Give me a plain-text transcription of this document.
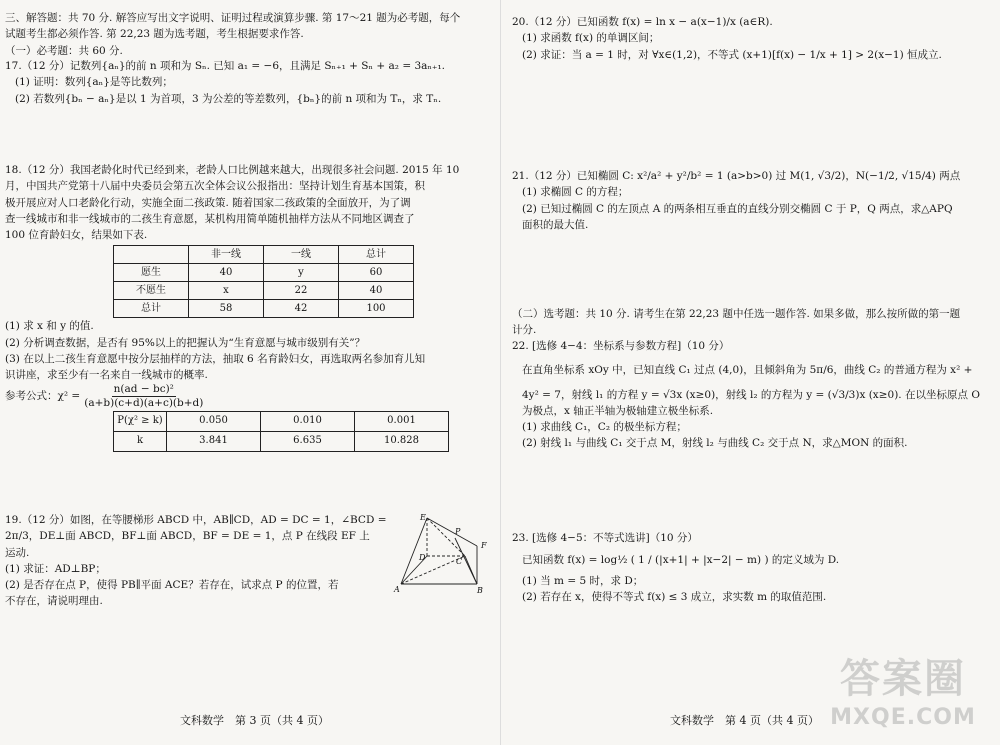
三、解答题：共 70 分. 解答应写出文字说明、证明过程或演算步骤. 第 17～21 题为必考题，每个

试题考生都必须作答. 第 22,23 题为选考题，考生根据要求作答.

（一）必考题：共 60 分.

17.（12 分）记数列{aₙ}的前 n 项和为 Sₙ. 已知 a₁ = −6，且满足 Sₙ₊₁ + Sₙ + a₂ = 3aₙ₊₁.

(1) 证明：数列{aₙ}是等比数列；

(2) 若数列{bₙ − aₙ}是以 1 为首项，3 为公差的等差数列，{bₙ}的前 n 项和为 Tₙ，求 Tₙ.

18.（12 分）我国老龄化时代已经到来，老龄人口比例越来越大，出现很多社会问题. 2015 年 10

月，中国共产党第十八届中央委员会第五次全体会议公报指出：坚持计划生育基本国策，积

极开展应对人口老龄化行动，实施全面二孩政策. 随着国家二孩政策的全面放开，为了调

查一线城市和非一线城市的二孩生育意愿，某机构用简单随机抽样方法从不同地区调查了

100 位育龄妇女，结果如下表.

	非一线	一线	总计
愿生	40	y	60
不愿生	x	22	40
总计	58	42	100

(1) 求 x 和 y 的值.

(2) 分析调查数据，是否有 95%以上的把握认为“生育意愿与城市级别有关”？

(3) 在以上二孩生育意愿中按分层抽样的方法，抽取 6 名育龄妇女，再选取两名参加育儿知

识讲座，求至少有一名来自一线城市的概率.

参考公式：$\chi^2 = \frac{\text{n(ad − bc)²}}{(a+b)(c+d)(a+c)(b+d)}$
P(χ² ≥ k)	0.050	0.010	0.001
k	3.841	6.635	10.828

19.（12 分）如图，在等腰梯形 ABCD 中，AB∥CD，AD = DC = 1，∠BCD =

2π/3，DE⊥面 ABCD，BF⊥面 ABCD，BF = DE = 1，点 P 在线段 EF 上

运动.

(1) 求证：AD⊥BP；

(2) 是否存在点 P，使得 PB∥平面 ACE？若存在，试求点 P 的位置，若

不存在，请说明理由.

E
P
F
D	C
A	B
文科数学　第 3 页（共 4 页）

20.（12 分）已知函数 f(x) = ln x − a(x−1)/x (a∈R).

(1) 求函数 f(x) 的单调区间；

(2) 求证：当 a = 1 时，对 ∀x∈(1,2)，不等式 (x+1)[f(x) − 1/x + 1] > 2(x−1) 恒成立.

21.（12 分）已知椭圆 C: x²/a² + y²/b² = 1 (a>b>0) 过 M(1, √3/2)，N(−1/2, √15/4) 两点

(1) 求椭圆 C 的方程；

(2) 已知过椭圆 C 的左顶点 A 的两条相互垂直的直线分别交椭圆 C 于 P，Q 两点，求△APQ

面积的最大值.

（二）选考题：共 10 分. 请考生在第 22,23 题中任选一题作答. 如果多做，那么按所做的第一题

计分.

22. [选修 4−4：坐标系与参数方程]（10 分）

在直角坐标系 xOy 中，已知直线 C₁ 过点 (4,0)，且倾斜角为 5π/6，曲线 C₂ 的普通方程为 x² +

4y² = 7，射线 l₁ 的方程 y = √3x (x≥0)，射线 l₂ 的方程为 y = (√3/3)x (x≥0). 在以坐标原点 O

为极点，x 轴正半轴为极轴建立极坐标系.

(1) 求曲线 C₁，C₂ 的极坐标方程；

(2) 射线 l₁ 与曲线 C₁ 交于点 M，射线 l₂ 与曲线 C₂ 交于点 N，求△MON 的面积.

23. [选修 4−5：不等式选讲]（10 分）

已知函数 f(x) = log½ ( 1 / (|x+1| + |x−2| − m) ) 的定义域为 D.

(1) 当 m = 5 时，求 D；

(2) 若存在 x，使得不等式 f(x) ≤ 3 成立，求实数 m 的取值范围.

文科数学　第 4 页（共 4 页）
答案圈
MXQE.COM
